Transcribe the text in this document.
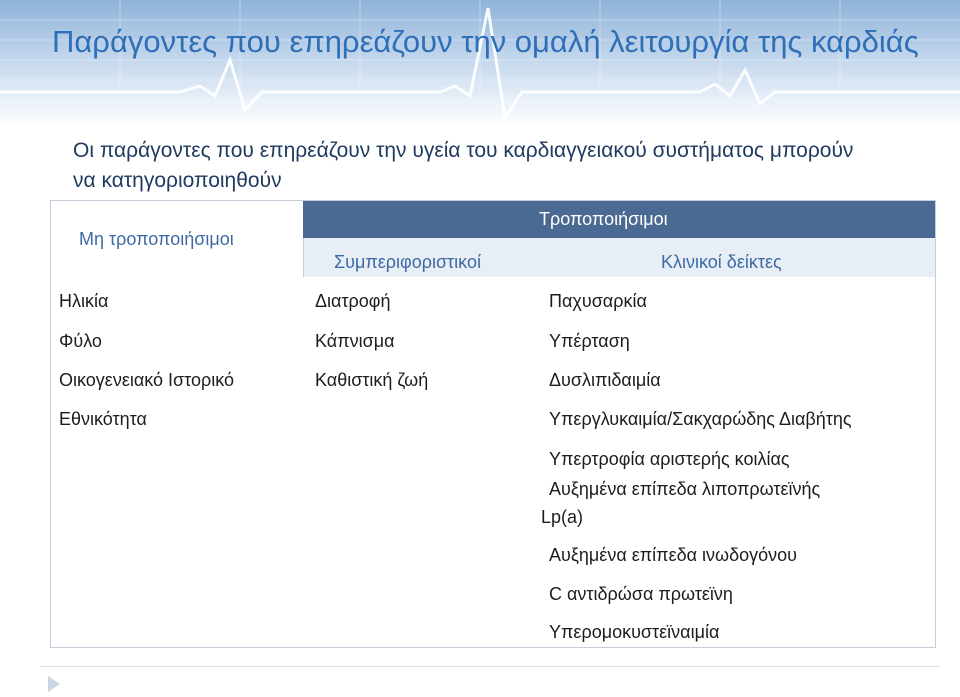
Παράγοντες που επηρεάζουν την ομαλή λειτουργία της καρδιάς

Οι παράγοντες που επηρεάζουν την υγεία του καρδιαγγειακού συστήματος μπορούν να κατηγοριοποιηθούν

Μη τροποποιήσιμοι
Τροποποιήσιμοι
Συμπεριφοριστικοί	Κλινικοί δείκτες
Ηλικία
Φύλο
Οικογενειακό Ιστορικό
Εθνικότητα
Διατροφή
Κάπνισμα
Καθιστική ζωή
Παχυσαρκία
Υπέρταση
Δυσλιπιδαιμία
Υπεργλυκαιμία/Σακχαρώδης Διαβήτης
Υπερτροφία αριστερής κοιλίας
Αυξημένα επίπεδα λιποπρωτεϊνής
Lp(a)
Αυξημένα επίπεδα ινωδογόνου
C αντιδρώσα πρωτεϊνη
Υπερομοκυστεϊναιμία
